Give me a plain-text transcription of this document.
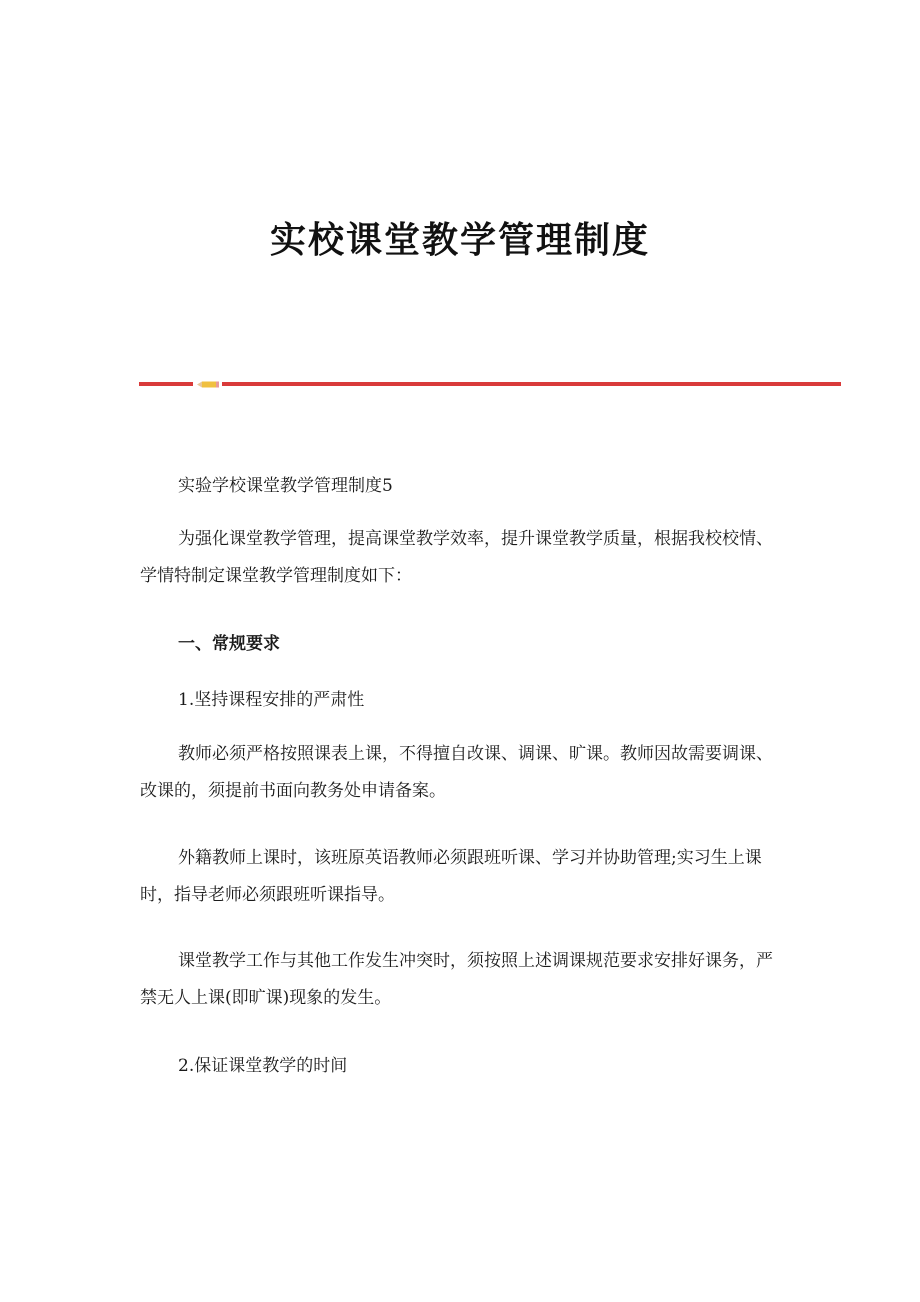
实校课堂教学管理制度

实验学校课堂教学管理制度5

为强化课堂教学管理，提高课堂教学效率，提升课堂教学质量，根据我校校情、学情特制定课堂教学管理制度如下：

一、常规要求

1.坚持课程安排的严肃性

教师必须严格按照课表上课，不得擅自改课、调课、旷课。教师因故需要调课、改课的，须提前书面向教务处申请备案。

外籍教师上课时，该班原英语教师必须跟班听课、学习并协助管理;实习生上课时，指导老师必须跟班听课指导。

课堂教学工作与其他工作发生冲突时，须按照上述调课规范要求安排好课务，严禁无人上课(即旷课)现象的发生。

2.保证课堂教学的时间
